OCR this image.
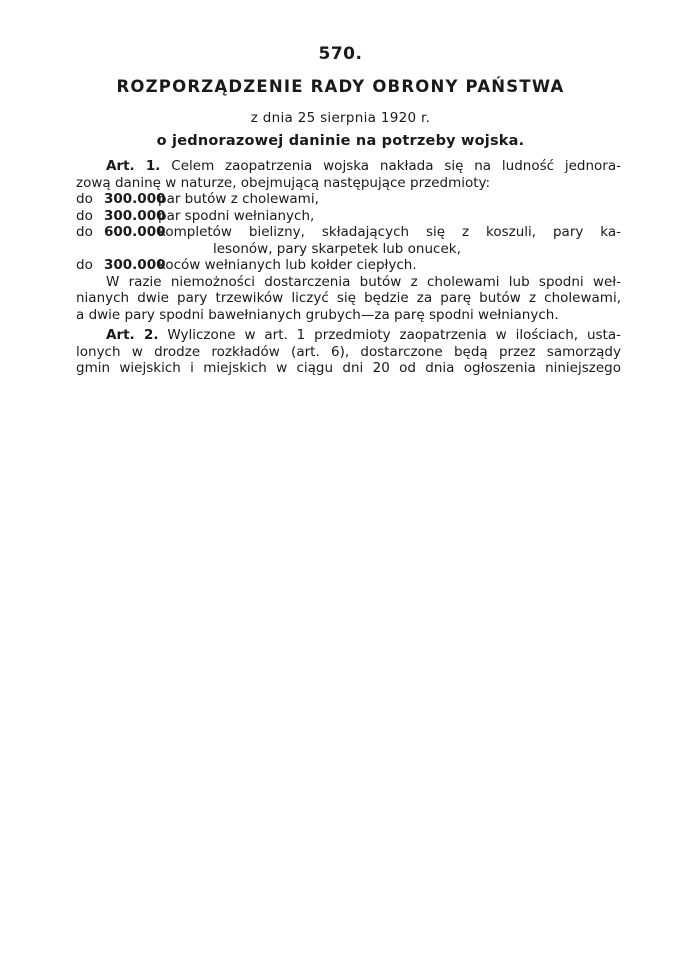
570.
ROZPORZĄDZENIE RADY OBRONY PAŃSTWA
z dnia 25 sierpnia 1920 r.
o jednorazowej daninie na potrzeby wojska.
Art. 1. Celem zaopatrzenia wojska nakłada się na ludność jednora-
zową daninę w naturze, obejmującą następujące przedmioty:
do 300.000
par butów z cholewami,
do 300.000
par spodni wełnianych,
do 600.000
kompletów bielizny, składających się z koszuli, pary ka-
lesonów, pary skarpetek lub onucek,
do 300.000
koców wełnianych lub kołder ciepłych.
W razie niemożności dostarczenia butów z cholewami lub spodni weł-
nianych dwie pary trzewików liczyć się będzie za parę butów z cholewami,
a dwie pary spodni bawełnianych grubych—za parę spodni wełnianych.
Art. 2. Wyliczone w art. 1 przedmioty zaopatrzenia w ilościach, usta-
lonych w drodze rozkładów (art. 6), dostarczone będą przez samorządy
gmin wiejskich i miejskich w ciągu dni 20 od dnia ogłoszenia niniejszego
